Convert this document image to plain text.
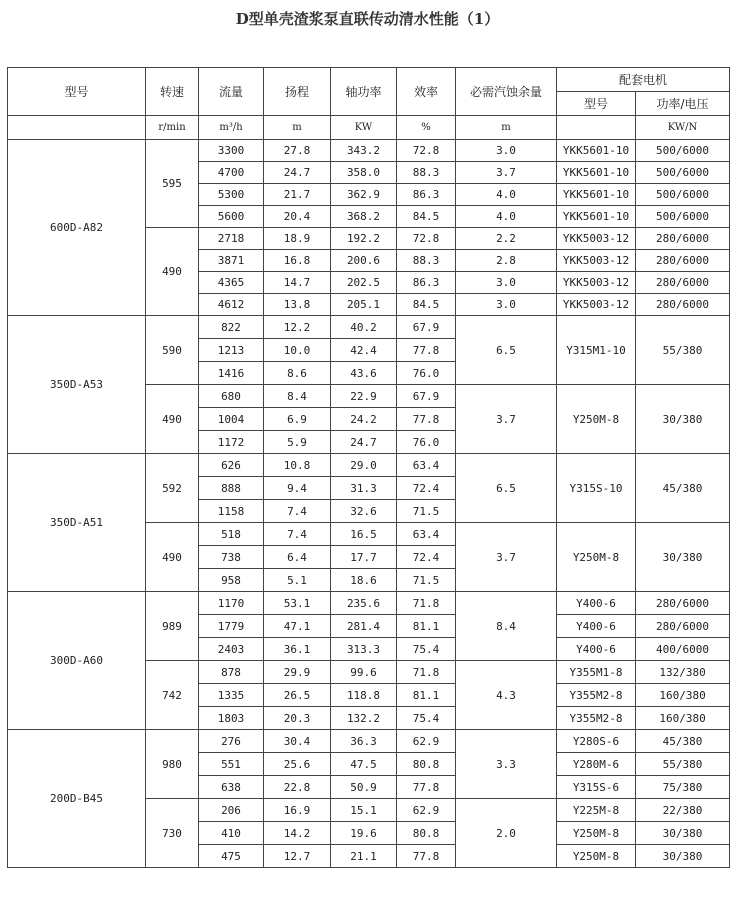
D型单壳渣浆泵直联传动清水性能（1）
型号	转速	流量	扬程	轴功率	效率	必需汽蚀余量	配套电机	
							型号	功率/电压
	r/min	m³/h	m	KW	%	m		KW/N
600D-A82	595	3300	27.8	343.2	72.8	3.0	YKK5601-10	500/6000
		4700	24.7	358.0	88.3	3.7	YKK5601-10	500/6000
		5300	21.7	362.9	86.3	4.0	YKK5601-10	500/6000
		5600	20.4	368.2	84.5	4.0	YKK5601-10	500/6000
	490	2718	18.9	192.2	72.8	2.2	YKK5003-12	280/6000
		3871	16.8	200.6	88.3	2.8	YKK5003-12	280/6000
		4365	14.7	202.5	86.3	3.0	YKK5003-12	280/6000
		4612	13.8	205.1	84.5	3.0	YKK5003-12	280/6000
350D-A53	590	822	12.2	40.2	67.9	6.5	Y315M1-10	55/380
		1213	10.0	42.4	77.8			
		1416	8.6	43.6	76.0			
	490	680	8.4	22.9	67.9	3.7	Y250M-8	30/380
		1004	6.9	24.2	77.8			
		1172	5.9	24.7	76.0			
350D-A51	592	626	10.8	29.0	63.4	6.5	Y315S-10	45/380
		888	9.4	31.3	72.4			
		1158	7.4	32.6	71.5			
	490	518	7.4	16.5	63.4	3.7	Y250M-8	30/380
		738	6.4	17.7	72.4			
		958	5.1	18.6	71.5			
300D-A60	989	1170	53.1	235.6	71.8	8.4	Y400-6	280/6000
		1779	47.1	281.4	81.1		Y400-6	280/6000
		2403	36.1	313.3	75.4		Y400-6	400/6000
	742	878	29.9	99.6	71.8	4.3	Y355M1-8	132/380
		1335	26.5	118.8	81.1		Y355M2-8	160/380
		1803	20.3	132.2	75.4		Y355M2-8	160/380
200D-B45	980	276	30.4	36.3	62.9	3.3	Y280S-6	45/380
		551	25.6	47.5	80.8		Y280M-6	55/380
		638	22.8	50.9	77.8		Y315S-6	75/380
	730	206	16.9	15.1	62.9	2.0	Y225M-8	22/380
		410	14.2	19.6	80.8		Y250M-8	30/380
		475	12.7	21.1	77.8		Y250M-8	30/380
